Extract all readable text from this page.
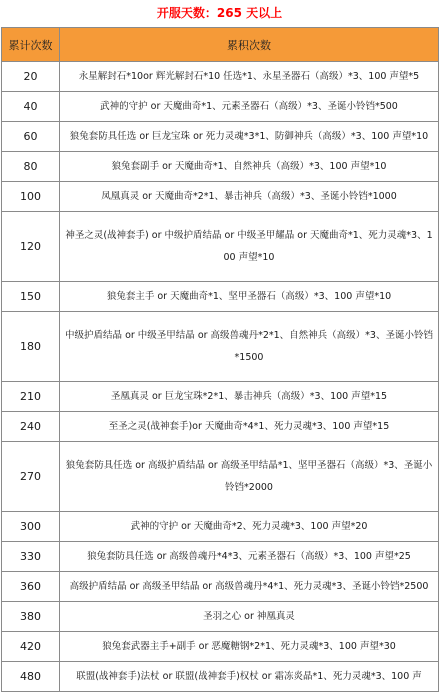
开服天数：265 天以上
累计次数	累积次数
20	永星解封石*10or 辉光解封石*10 任选*1、永星圣器石（高级）*3、100 声望*5
40	武神的守护 or 天魔曲奇*1、元素圣器石（高级）*3、圣诞小铃铛*500
60	狼兔套防具任选 or 巨龙宝珠 or 死力灵魂*3*1、防御神兵（高级）*3、100 声望*10
80	狼兔套副手 or 天魔曲奇*1、自然神兵（高级）*3、100 声望*10
100	凤凰真灵 or 天魔曲奇*2*1、暴击神兵（高级）*3、圣诞小铃铛*1000
120	神圣之灵(战神套手) or 中级护盾结晶 or 中级圣甲耀晶 or 天魔曲奇*1、死力灵魂*3、100 声望*10
150	狼兔套主手 or 天魔曲奇*1、坚甲圣器石（高级）*3、100 声望*10
180	中级护盾结晶 or 中级圣甲结晶 or 高级兽魂丹*2*1、自然神兵（高级）*3、圣诞小铃铛*1500
210	圣凰真灵 or 巨龙宝珠*2*1、暴击神兵（高级）*3、100 声望*15
240	至圣之灵(战神套手)or 天魔曲奇*4*1、死力灵魂*3、100 声望*15
270	狼兔套防具任选 or 高级护盾结晶 or 高级圣甲结晶*1、坚甲圣器石（高级）*3、圣诞小铃铛*2000
300	武神的守护 or 天魔曲奇*2、死力灵魂*3、100 声望*20
330	狼兔套防具任选 or 高级兽魂丹*4*3、元素圣器石（高级）*3、100 声望*25
360	高级护盾结晶 or 高级圣甲结晶 or 高级兽魂丹*4*1、死力灵魂*3、圣诞小铃铛*2500
380	圣羽之心 or 神凰真灵
420	狼兔套武器主手+副手 or 恶魔糖钢*2*1、死力灵魂*3、100 声望*30
480	联盟(战神套手)法杖 or 联盟(战神套手)权杖 or 霜冻炎晶*1、死力灵魂*3、100 声
